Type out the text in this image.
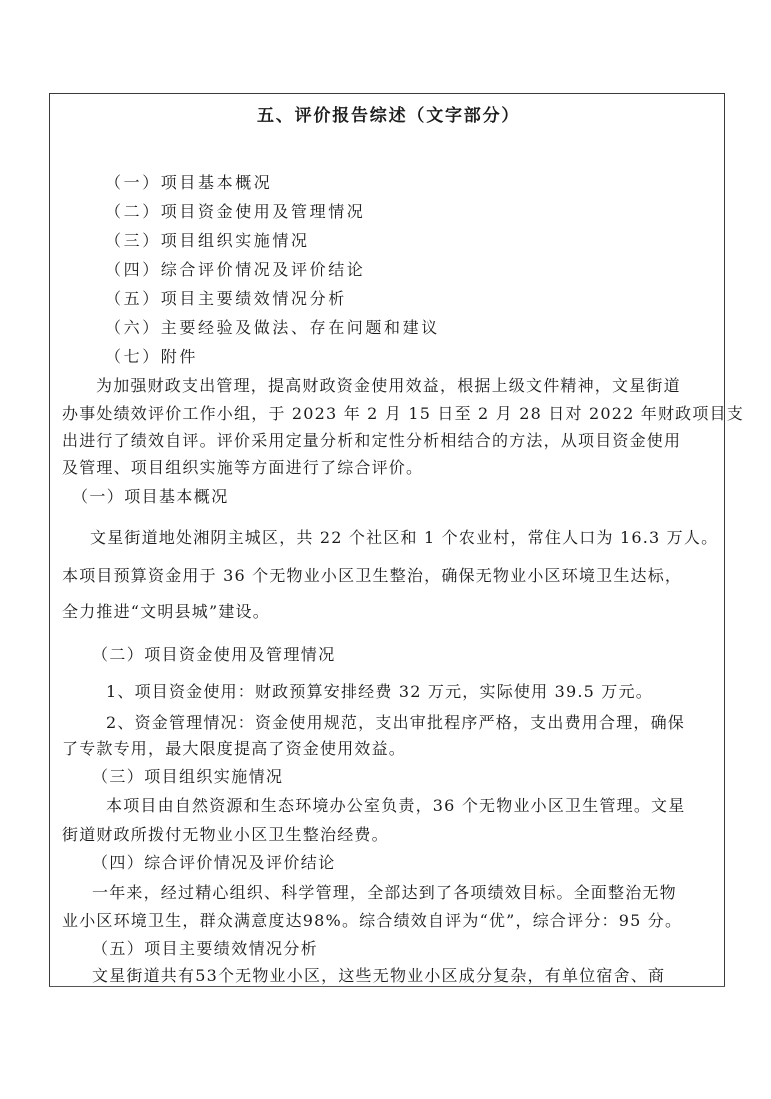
五、评价报告综述（文字部分）
（一）项目基本概况
（二）项目资金使用及管理情况
（三）项目组织实施情况
（四）综合评价情况及评价结论
（五）项目主要绩效情况分析
（六）主要经验及做法、存在问题和建议
（七）附件
为加强财政支出管理，提高财政资金使用效益，根据上级文件精神，文星街道
办事处绩效评价工作小组，于 2023 年 2 月 15 日至 2 月 28 日对 2022 年财政项目支
出进行了绩效自评。评价采用定量分析和定性分析相结合的方法，从项目资金使用
及管理、项目组织实施等方面进行了综合评价。
（一）项目基本概况
文星街道地处湘阴主城区，共 22 个社区和 1 个农业村，常住人口为 16.3 万人。
本项目预算资金用于 36 个无物业小区卫生整治，确保无物业小区环境卫生达标，
全力推进“文明县城”建设。
（二）项目资金使用及管理情况
1、项目资金使用：财政预算安排经费 32 万元，实际使用 39.5 万元。
2、资金管理情况：资金使用规范，支出审批程序严格，支出费用合理，确保
了专款专用，最大限度提高了资金使用效益。
（三）项目组织实施情况
本项目由自然资源和生态环境办公室负责，36 个无物业小区卫生管理。文星
街道财政所拨付无物业小区卫生整治经费。
（四）综合评价情况及评价结论
一年来，经过精心组织、科学管理，全部达到了各项绩效目标。全面整治无物
业小区环境卫生，群众满意度达98%。综合绩效自评为“优”，综合评分：95 分。
（五）项目主要绩效情况分析
文星街道共有53个无物业小区，这些无物业小区成分复杂，有单位宿舍、商
